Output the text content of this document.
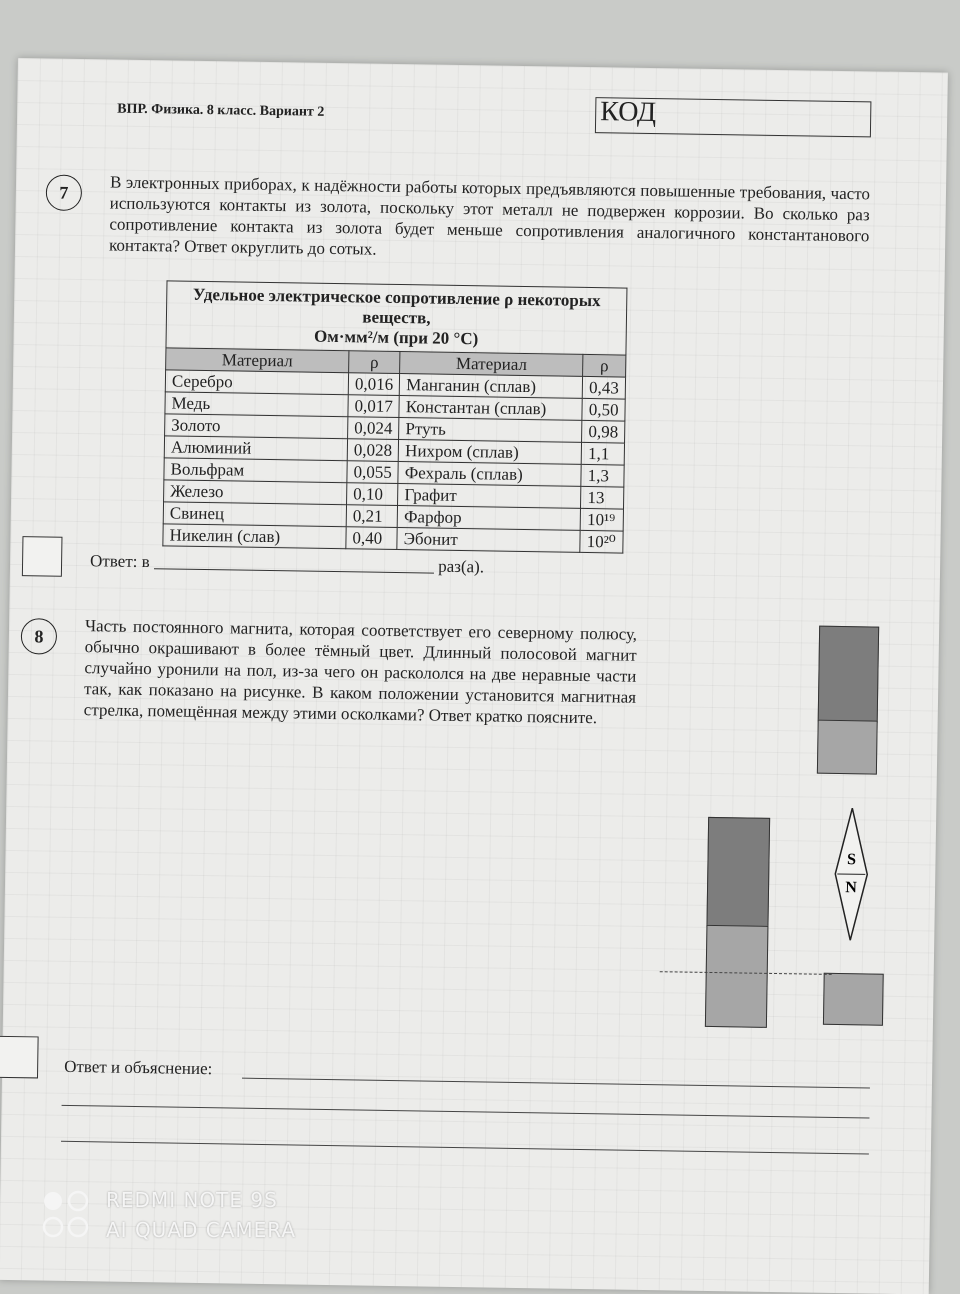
ВПР. Физика. 8 класс. Вариант 2	КОД
7	В электронных приборах, к надёжности работы которых предъявляются повышенные требования, часто используются контакты из золота, поскольку этот металл не подвержен коррозии. Во сколько раз сопротивление контакта из золота будет меньше сопротивления аналогичного константанового контакта? Ответ округлить до сотых.
Удельное электрическое сопротивление ρ некоторых веществ,
Ом·мм²/м (при 20 °C)			

Материал	ρ	Материал	ρ
Серебро	0,016	Манганин (сплав)	0,43
Медь	0,017	Константан (сплав)	0,50
Золото	0,024	Ртуть	0,98
Алюминий	0,028	Нихром (сплав)	1,1
Вольфрам	0,055	Фехраль (сплав)	1,3
Железо	0,10	Графит	13
Свинец	0,21	Фарфор	10¹⁹
Никелин (слав)	0,40	Эбонит	10²⁰
Ответ: в	раз(а).
8	Часть постоянного магнита, которая соответствует его северному полюсу, обычно окрашивают в более тёмный цвет. Длинный полосовой магнит случайно уронили на пол, из-за чего он раскололся на две неравные части так, как показано на рисунке. В каком положении установится магнитная стрелка, помещённая между этими осколками? Ответ кратко поясните.
S
N
Ответ и объяснение:
REDMI NOTE 9S
AI QUAD CAMERA
